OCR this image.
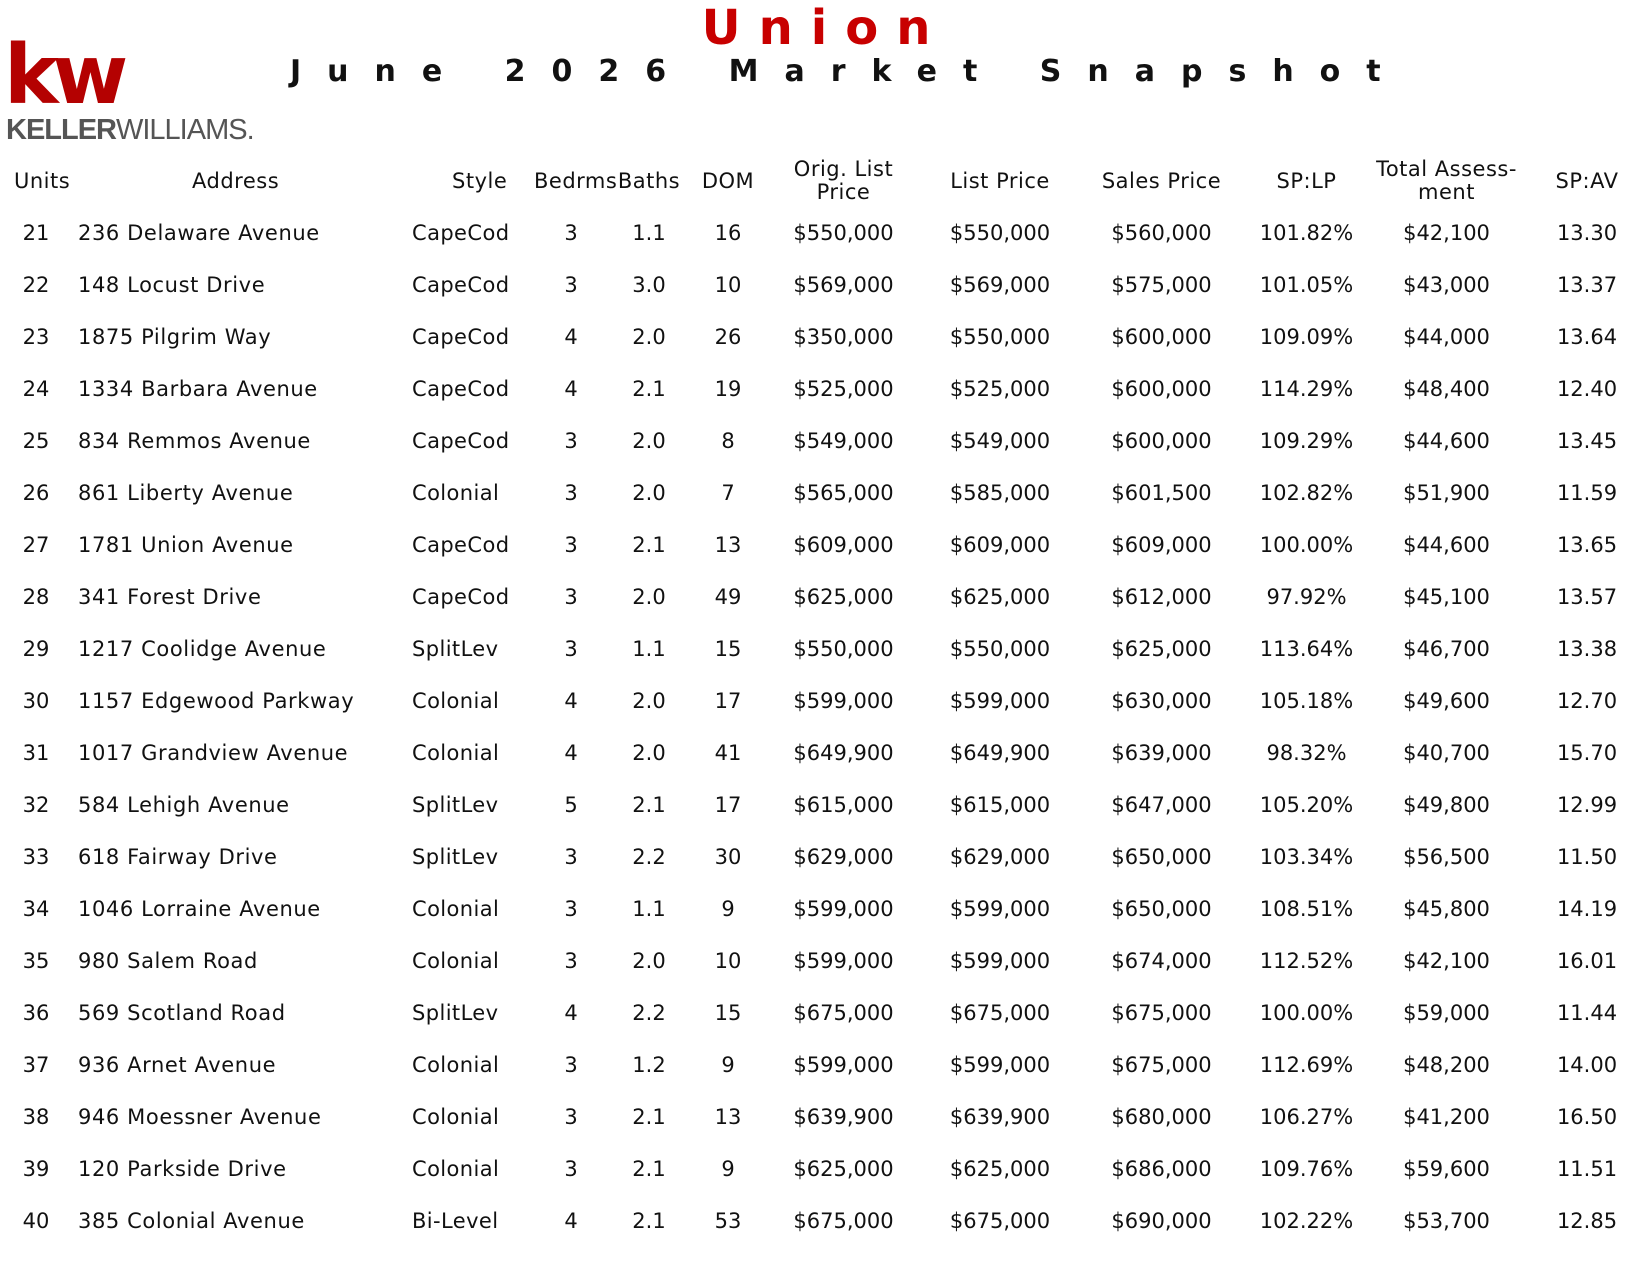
kw
KELLERWILLIAMS.
Union
June 2026 Market Snapshot
Units	Address	Style	Bedrms	Baths	DOM	Orig. List Price	List Price	Sales Price	SP:LP	Total Assess-ment	SP:AV
21	236 Delaware Avenue	CapeCod	3	1.1	16	$550,000	$550,000	$560,000	101.82%	$42,100	13.30
22	148 Locust Drive	CapeCod	3	3.0	10	$569,000	$569,000	$575,000	101.05%	$43,000	13.37
23	1875 Pilgrim Way	CapeCod	4	2.0	26	$350,000	$550,000	$600,000	109.09%	$44,000	13.64
24	1334 Barbara Avenue	CapeCod	4	2.1	19	$525,000	$525,000	$600,000	114.29%	$48,400	12.40
25	834 Remmos Avenue	CapeCod	3	2.0	8	$549,000	$549,000	$600,000	109.29%	$44,600	13.45
26	861 Liberty Avenue	Colonial	3	2.0	7	$565,000	$585,000	$601,500	102.82%	$51,900	11.59
27	1781 Union Avenue	CapeCod	3	2.1	13	$609,000	$609,000	$609,000	100.00%	$44,600	13.65
28	341 Forest Drive	CapeCod	3	2.0	49	$625,000	$625,000	$612,000	97.92%	$45,100	13.57
29	1217 Coolidge Avenue	SplitLev	3	1.1	15	$550,000	$550,000	$625,000	113.64%	$46,700	13.38
30	1157 Edgewood Parkway	Colonial	4	2.0	17	$599,000	$599,000	$630,000	105.18%	$49,600	12.70
31	1017 Grandview Avenue	Colonial	4	2.0	41	$649,900	$649,900	$639,000	98.32%	$40,700	15.70
32	584 Lehigh Avenue	SplitLev	5	2.1	17	$615,000	$615,000	$647,000	105.20%	$49,800	12.99
33	618 Fairway Drive	SplitLev	3	2.2	30	$629,000	$629,000	$650,000	103.34%	$56,500	11.50
34	1046 Lorraine Avenue	Colonial	3	1.1	9	$599,000	$599,000	$650,000	108.51%	$45,800	14.19
35	980 Salem Road	Colonial	3	2.0	10	$599,000	$599,000	$674,000	112.52%	$42,100	16.01
36	569 Scotland Road	SplitLev	4	2.2	15	$675,000	$675,000	$675,000	100.00%	$59,000	11.44
37	936 Arnet Avenue	Colonial	3	1.2	9	$599,000	$599,000	$675,000	112.69%	$48,200	14.00
38	946 Moessner Avenue	Colonial	3	2.1	13	$639,900	$639,900	$680,000	106.27%	$41,200	16.50
39	120 Parkside Drive	Colonial	3	2.1	9	$625,000	$625,000	$686,000	109.76%	$59,600	11.51
40	385 Colonial Avenue	Bi-Level	4	2.1	53	$675,000	$675,000	$690,000	102.22%	$53,700	12.85
